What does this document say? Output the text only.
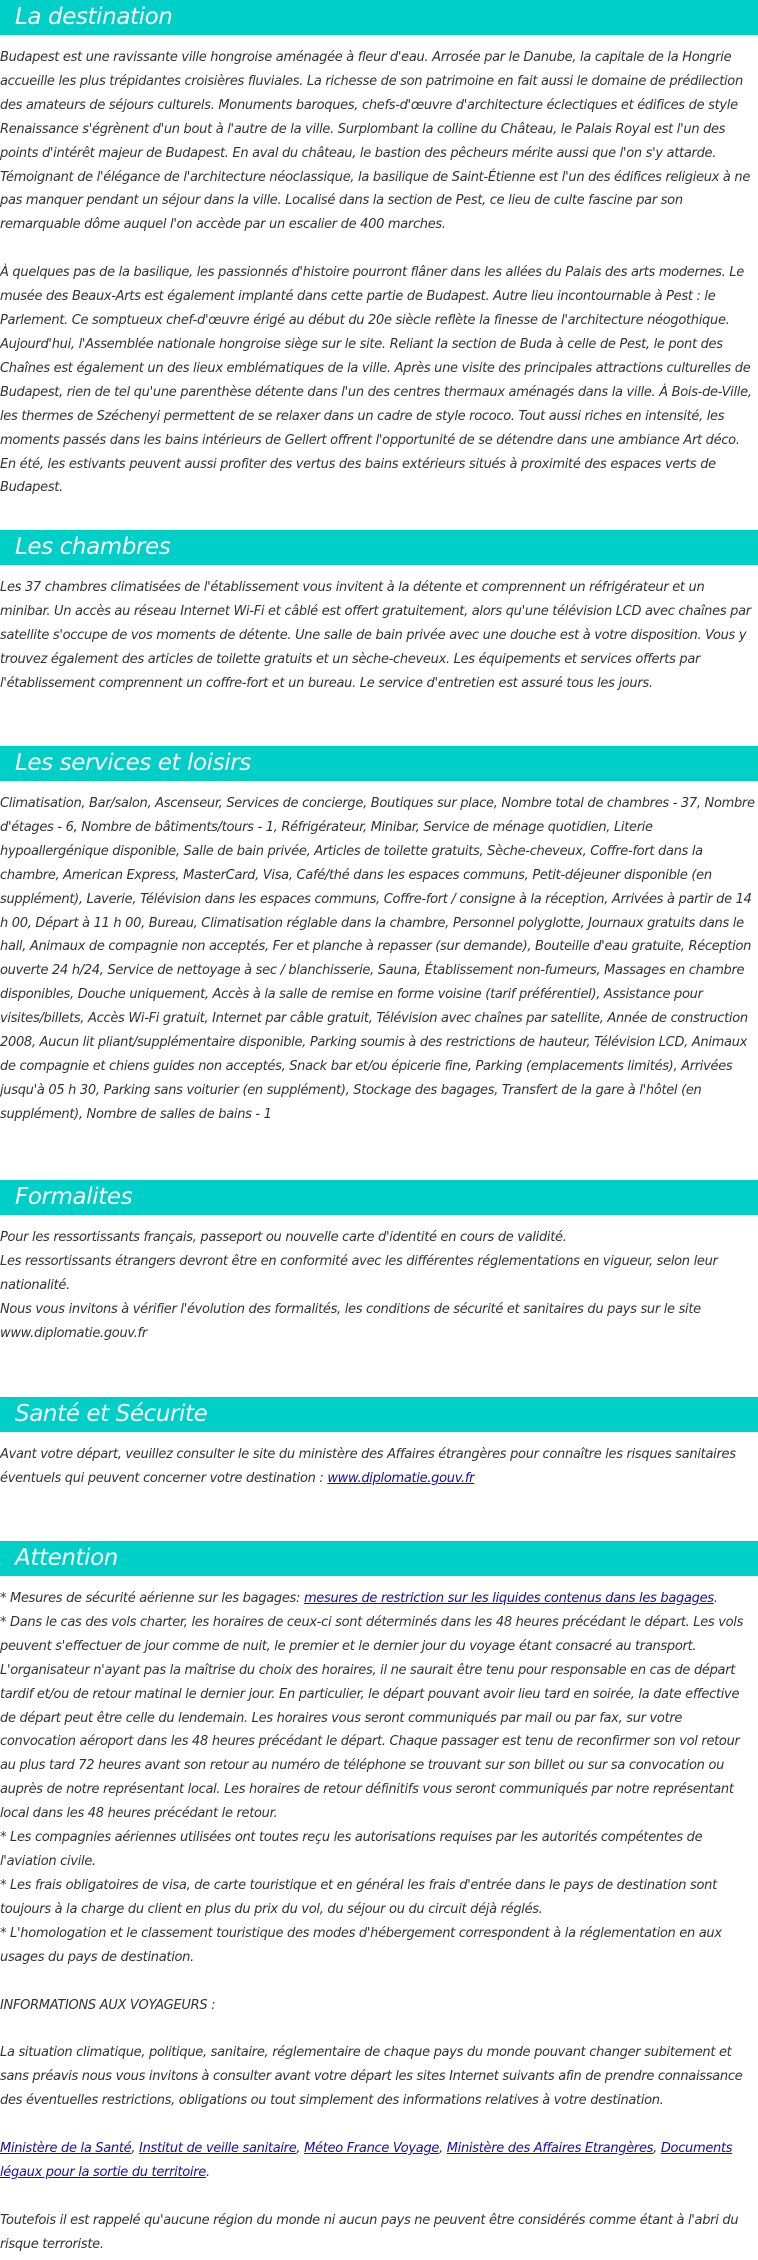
La destination

Budapest est une ravissante ville hongroise aménagée à fleur d'eau. Arrosée par le Danube, la capitale de la Hongrie accueille les plus trépidantes croisières fluviales. La richesse de son patrimoine en fait aussi le domaine de prédilection des amateurs de séjours culturels. Monuments baroques, chefs-d'œuvre d'architecture éclectiques et édifices de style Renaissance s'égrènent d'un bout à l'autre de la ville. Surplombant la colline du Château, le Palais Royal est l'un des points d'intérêt majeur de Budapest. En aval du château, le bastion des pêcheurs mérite aussi que l'on s'y attarde. Témoignant de l'élégance de l'architecture néoclassique, la basilique de Saint-Étienne est l'un des édifices religieux à ne pas manquer pendant un séjour dans la ville. Localisé dans la section de Pest, ce lieu de culte fascine par son remarquable dôme auquel l'on accède par un escalier de 400 marches.

À quelques pas de la basilique, les passionnés d'histoire pourront flâner dans les allées du Palais des arts modernes. Le musée des Beaux-Arts est également implanté dans cette partie de Budapest. Autre lieu incontournable à Pest : le Parlement. Ce somptueux chef-d'œuvre érigé au début du 20e siècle reflète la finesse de l'architecture néogothique. Aujourd'hui, l'Assemblée nationale hongroise siège sur le site. Reliant la section de Buda à celle de Pest, le pont des Chaînes est également un des lieux emblématiques de la ville. Après une visite des principales attractions culturelles de Budapest, rien de tel qu'une parenthèse détente dans l'un des centres thermaux aménagés dans la ville. À Bois-de-Ville, les thermes de Széchenyi permettent de se relaxer dans un cadre de style rococo. Tout aussi riches en intensité, les moments passés dans les bains intérieurs de Gellert offrent l'opportunité de se détendre dans une ambiance Art déco. En été, les estivants peuvent aussi profiter des vertus des bains extérieurs situés à proximité des espaces verts de Budapest.

Les chambres

Les 37 chambres climatisées de l'établissement vous invitent à la détente et comprennent un réfrigérateur et un minibar. Un accès au réseau Internet Wi-Fi et câblé est offert gratuitement, alors qu'une télévision LCD avec chaînes par satellite s'occupe de vos moments de détente. Une salle de bain privée avec une douche est à votre disposition. Vous y trouvez également des articles de toilette gratuits et un sèche-cheveux. Les équipements et services offerts par l'établissement comprennent un coffre-fort et un bureau. Le service d'entretien est assuré tous les jours.

Les services et loisirs

Climatisation, Bar/salon, Ascenseur, Services de concierge, Boutiques sur place, Nombre total de chambres - 37, Nombre d'étages - 6, Nombre de bâtiments/tours - 1, Réfrigérateur, Minibar, Service de ménage quotidien, Literie hypoallergénique disponible, Salle de bain privée, Articles de toilette gratuits, Sèche-cheveux, Coffre-fort dans la chambre, American Express, MasterCard, Visa, Café/thé dans les espaces communs, Petit-déjeuner disponible (en supplément), Laverie, Télévision dans les espaces communs, Coffre-fort / consigne à la réception, Arrivées à partir de 14 h 00, Départ à 11 h 00, Bureau, Climatisation réglable dans la chambre, Personnel polyglotte, Journaux gratuits dans le hall, Animaux de compagnie non acceptés, Fer et planche à repasser (sur demande), Bouteille d'eau gratuite, Réception ouverte 24 h/24, Service de nettoyage à sec / blanchisserie, Sauna, Établissement non-fumeurs, Massages en chambre disponibles, Douche uniquement, Accès à la salle de remise en forme voisine (tarif préférentiel), Assistance pour visites/billets, Accès Wi-Fi gratuit, Internet par câble gratuit, Télévision avec chaînes par satellite, Année de construction 2008, Aucun lit pliant/supplémentaire disponible, Parking soumis à des restrictions de hauteur, Télévision LCD, Animaux de compagnie et chiens guides non acceptés, Snack bar et/ou épicerie fine, Parking (emplacements limités), Arrivées jusqu'à 05 h 30, Parking sans voiturier (en supplément), Stockage des bagages, Transfert de la gare à l'hôtel (en supplément), Nombre de salles de bains - 1

Formalites

Pour les ressortissants français, passeport ou nouvelle carte d'identité en cours de validité.

Les ressortissants étrangers devront être en conformité avec les différentes réglementations en vigueur, selon leur nationalité.

Nous vous invitons à vérifier l'évolution des formalités, les conditions de sécurité et sanitaires du pays sur le site www.diplomatie.gouv.fr

Santé et Sécurite

Avant votre départ, veuillez consulter le site du ministère des Affaires étrangères pour connaître les risques sanitaires éventuels qui peuvent concerner votre destination : www.diplomatie.gouv.fr

Attention

* Mesures de sécurité aérienne sur les bagages: mesures de restriction sur les liquides contenus dans les bagages.

* Dans le cas des vols charter, les horaires de ceux-ci sont déterminés dans les 48 heures précédant le départ. Les vols peuvent s'effectuer de jour comme de nuit, le premier et le dernier jour du voyage étant consacré au transport. L'organisateur n'ayant pas la maîtrise du choix des horaires, il ne saurait être tenu pour responsable en cas de départ tardif et/ou de retour matinal le dernier jour. En particulier, le départ pouvant avoir lieu tard en soirée, la date effective de départ peut être celle du lendemain. Les horaires vous seront communiqués par mail ou par fax, sur votre convocation aéroport dans les 48 heures précédant le départ. Chaque passager est tenu de reconfirmer son vol retour au plus tard 72 heures avant son retour au numéro de téléphone se trouvant sur son billet ou sur sa convocation ou auprès de notre représentant local. Les horaires de retour définitifs vous seront communiqués par notre représentant local dans les 48 heures précédant le retour.

* Les compagnies aériennes utilisées ont toutes reçu les autorisations requises par les autorités compétentes de l'aviation civile.

* Les frais obligatoires de visa, de carte touristique et en général les frais d'entrée dans le pays de destination sont toujours à la charge du client en plus du prix du vol, du séjour ou du circuit déjà réglés.

* L'homologation et le classement touristique des modes d'hébergement correspondent à la réglementation en aux usages du pays de destination.

INFORMATIONS AUX VOYAGEURS :

La situation climatique, politique, sanitaire, réglementaire de chaque pays du monde pouvant changer subitement et sans préavis nous vous invitons à consulter avant votre départ les sites Internet suivants afin de prendre connaissance des éventuelles restrictions, obligations ou tout simplement des informations relatives à votre destination.

Ministère de la Santé, Institut de veille sanitaire, Méteo France Voyage, Ministère des Affaires Etrangères, Documents légaux pour la sortie du territoire.

Toutefois il est rappelé qu'aucune région du monde ni aucun pays ne peuvent être considérés comme étant à l'abri du risque terroriste.
